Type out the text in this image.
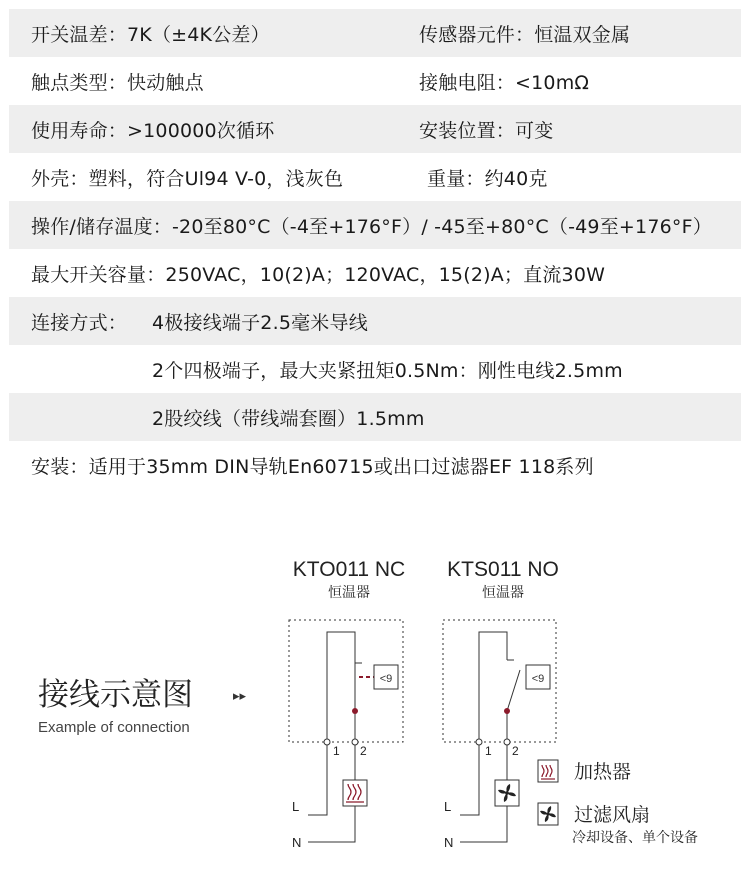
开关温差：7K（±4K公差）	传感器元件：恒温双金属
触点类型：快动触点	接触电阻：<10mΩ
使用寿命：>100000次循环	安装位置：可变
外壳：塑料，符合Ul94 V-0，浅灰色	重量：约40克
操作/储存温度：-20至80°C（-4至+176°F）/ -45至+80°C（-49至+176°F）
最大开关容量：250VAC，10(2)A；120VAC，15(2)A；直流30W
连接方式： 4极接线端子2.5毫米导线
2个四极端子，最大夹紧扭矩0.5Nm：刚性电线2.5mm
2股绞线（带线端套圈）1.5mm
安装：适用于35mm DIN导轨En60715或出口过滤器EF 118系列
接线示意图
Example of connection
▸▸
KTO011 NC
恒温器
KTS011 NO
恒温器
<9
1 2
L
N
<9
1 2
L
N
加热器
过滤风扇
冷却设备、单个设备
